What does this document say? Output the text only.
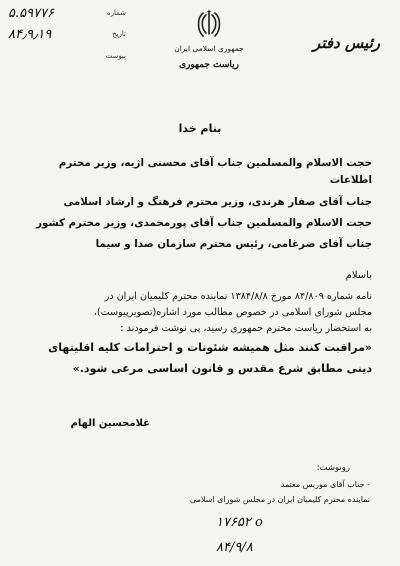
رئیس دفتر
جمهوری اسلامی ایران
ریاست جمهوری
شماره
۵.۵۹۷۷۶
تاریخ
۸۴٫۹٫۱۹
پیوست
بنام خدا
حجت الاسلام والمسلمین جناب آقای محسنی اژیه، وزیر محترم
اطلاعات
جناب آقای صفار هرندی، وزیر محترم فرهنگ و ارشاد اسلامی
حجت الاسلام والمسلمین جناب آقای پورمحمدی، وزیر محترم کشور
جناب آقای ضرغامی، رئیس محترم سازمان صدا و سیما
باسلام
نامه شماره ۸۴/۸۰۹ مورخ ۱۳۸۴/۸/۸ نماینده محترم کلیمیان ایران در
مجلس شورای اسلامی در خصوص مطالب مورد اشاره(تصویرپیوست)،
به استحضار ریاست محترم جمهوری رسید، پی نوشت فرمودند :
«مراقبت کنند مثل همیشه شئونات و احترامات کلیه اقلیتهای
دینی مطابق شرع مقدس و قانون اساسی مرعی شود.»
غلامحسین الهام
رونوشت:
- جناب آقای موریس معتمد
نماینده محترم کلیمیان ایران در مجلس شورای اسلامی
۱۷۶۵۲ o
۸۴/۹/۸
